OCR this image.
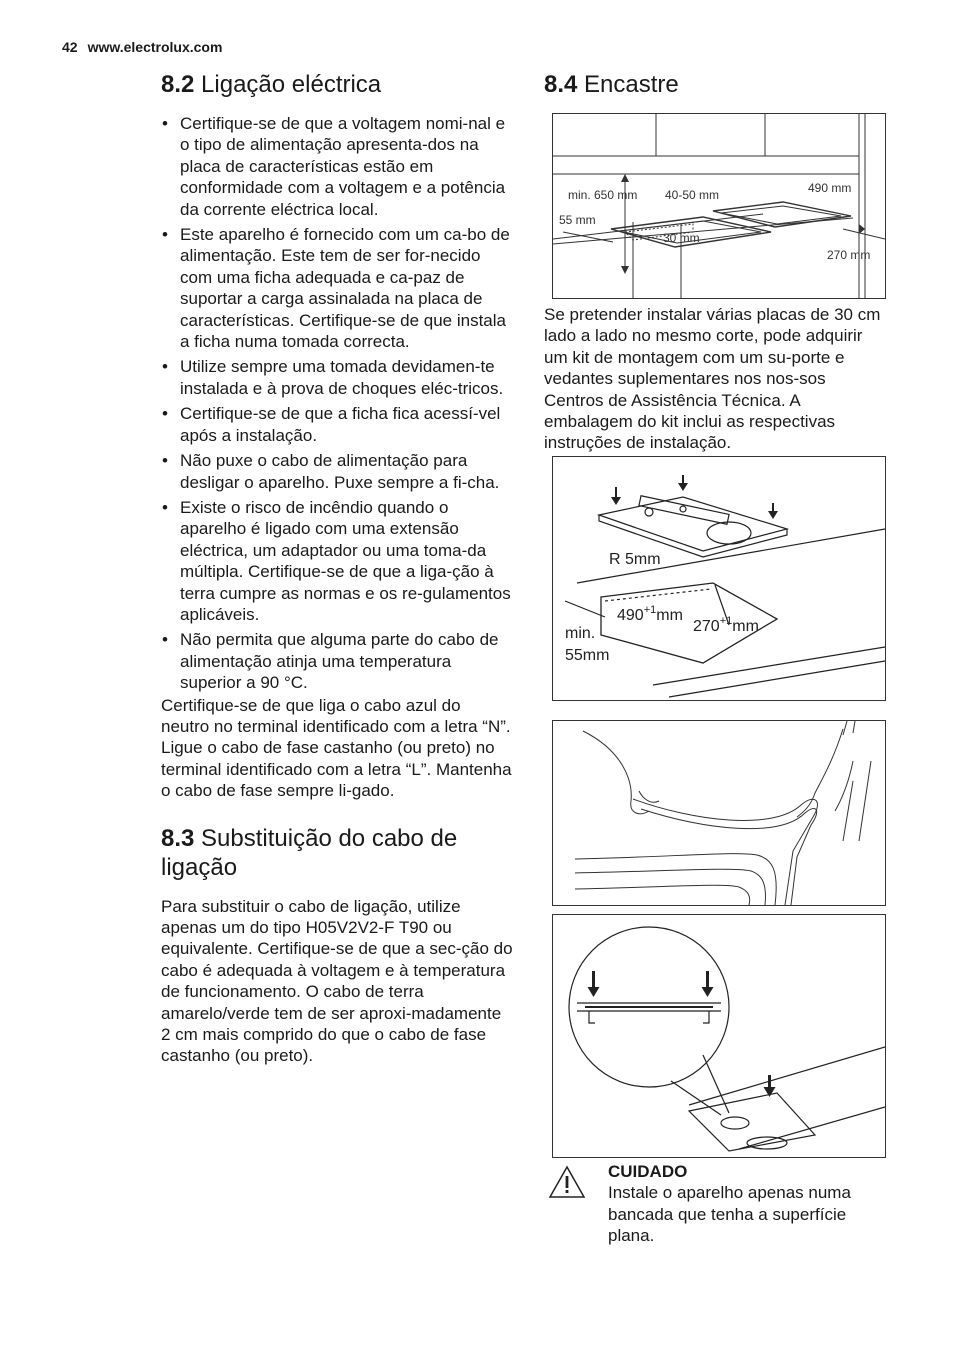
42 www.electrolux.com
8.2 Ligação eléctrica
• Certifique-se de que a voltagem nomi-nal e o tipo de alimentação apresenta-dos na placa de características estão em conformidade com a voltagem e a potência da corrente eléctrica local.
• Este aparelho é fornecido com um ca-bo de alimentação. Este tem de ser for-necido com uma ficha adequada e ca-paz de suportar a carga assinalada na placa de características. Certifique-se de que instala a ficha numa tomada correcta.
• Utilize sempre uma tomada devidamen-te instalada e à prova de choques eléc-tricos.
• Certifique-se de que a ficha fica acessí-vel após a instalação.
• Não puxe o cabo de alimentação para desligar o aparelho. Puxe sempre a fi-cha.
• Existe o risco de incêndio quando o aparelho é ligado com uma extensão eléctrica, um adaptador ou uma toma-da múltipla. Certifique-se de que a liga-ção à terra cumpre as normas e os re-gulamentos aplicáveis.
• Não permita que alguma parte do cabo de alimentação atinja uma temperatura superior a 90 °C.

Certifique-se de que liga o cabo azul do neutro no terminal identificado com a letra “N”. Ligue o cabo de fase castanho (ou preto) no terminal identificado com a letra “L”. Mantenha o cabo de fase sempre li-gado.

8.3 Substituição do cabo de ligação

Para substituir o cabo de ligação, utilize apenas um do tipo H05V2V2-F T90 ou equivalente. Certifique-se de que a sec-ção do cabo é adequada à voltagem e à temperatura de funcionamento. O cabo de terra amarelo/verde tem de ser aproxi-madamente 2 cm mais comprido do que o cabo de fase castanho (ou preto).

8.4 Encastre
min. 650 mm 40-50 mm	490 mm
55 mm
30 mm
270 mm

Se pretender instalar várias placas de 30 cm lado a lado no mesmo corte, pode adquirir um kit de montagem com um su-porte e vedantes suplementares nos nos-sos Centros de Assistência Técnica. A embalagem do kit inclui as respectivas instruções de instalação.

R 5mm
$490^{+1}mm$
$270^{+1}mm$
min.
55mm
CUIDADO
Instale o aparelho apenas numa bancada que tenha a superfície plana.
